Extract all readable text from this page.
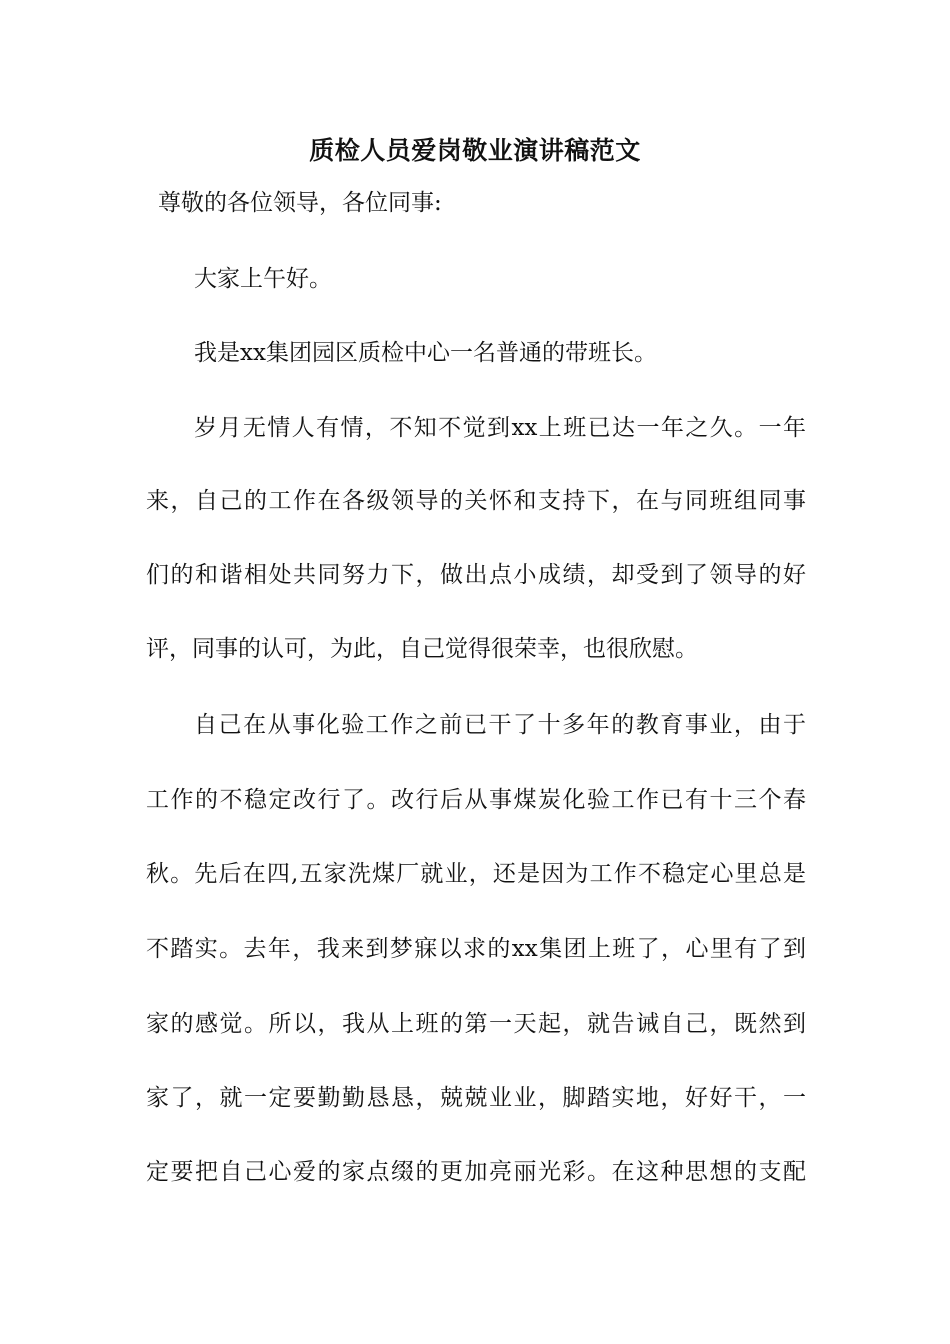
质检人员爱岗敬业演讲稿范文
尊敬的各位领导，各位同事:
大家上午好。
我是xx集团园区质检中心一名普通的带班长。
岁月无情人有情，不知不觉到xx上班已达一年之久。一年
来，自己的工作在各级领导的关怀和支持下，在与同班组同事
们的和谐相处共同努力下，做出点小成绩，却受到了领导的好
评，同事的认可，为此，自己觉得很荣幸，也很欣慰。
自己在从事化验工作之前已干了十多年的教育事业，由于
工作的不稳定改行了。改行后从事煤炭化验工作已有十三个春
秋。先后在四,五家洗煤厂就业，还是因为工作不稳定心里总是
不踏实。去年，我来到梦寐以求的xx集团上班了，心里有了到
家的感觉。所以，我从上班的第一天起，就告诫自己，既然到
家了，就一定要勤勤恳恳，兢兢业业，脚踏实地，好好干，一
定要把自己心爱的家点缀的更加亮丽光彩。在这种思想的支配
